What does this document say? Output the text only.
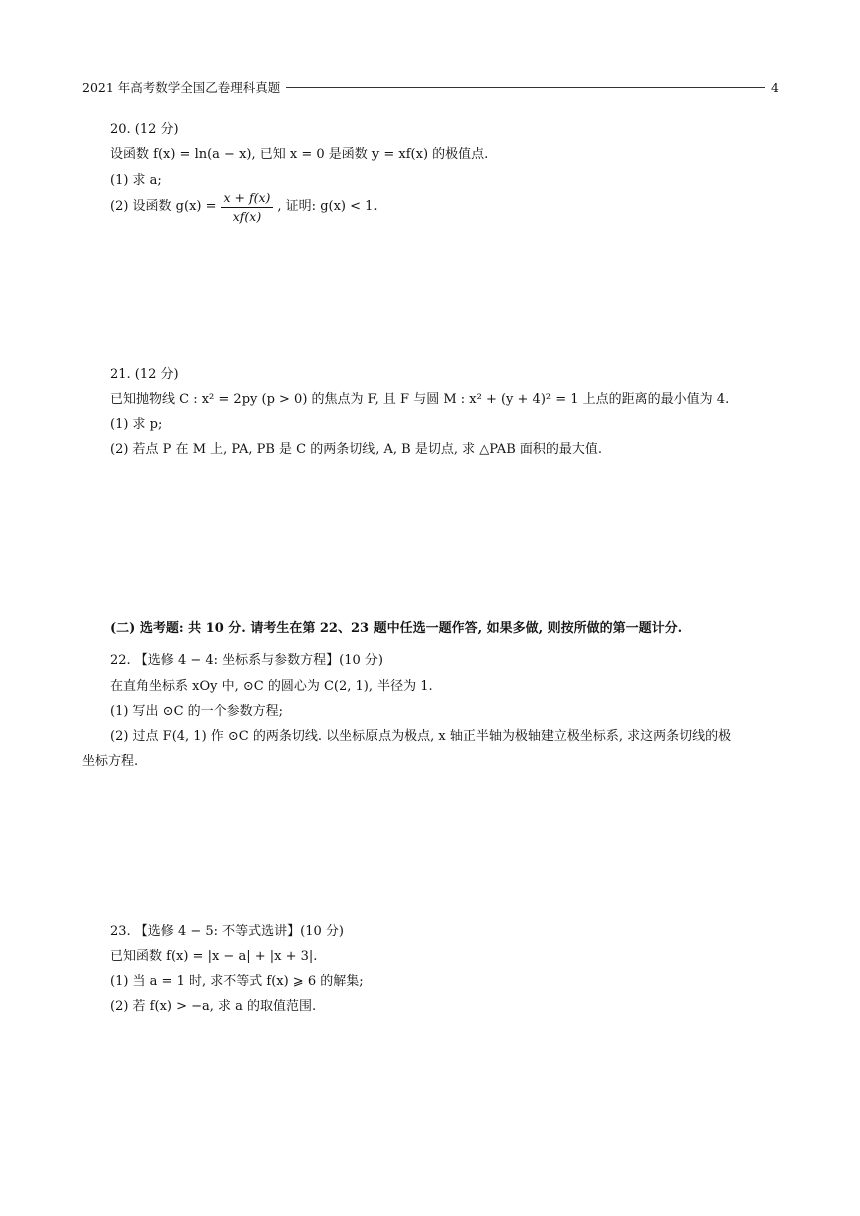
2021 年高考数学全国乙卷理科真题	4
20. (12 分)
设函数 f(x) = ln(a − x), 已知 x = 0 是函数 y = xf(x) 的极值点.
(1) 求 a;
(2) 设函数 $g(x) = \frac{x + f(x)}{xf(x)}$ , 证明: g(x) < 1.
21. (12 分)
已知抛物线 C : x² = 2py (p > 0) 的焦点为 F, 且 F 与圆 M : x² + (y + 4)² = 1 上点的距离的最小值为 4.
(1) 求 p;
(2) 若点 P 在 M 上, PA, PB 是 C 的两条切线, A, B 是切点, 求 △PAB 面积的最大值.
(二) 选考题: 共 10 分. 请考生在第 22、23 题中任选一题作答, 如果多做, 则按所做的第一题计分.
22. 【选修 4 − 4: 坐标系与参数方程】(10 分)
在直角坐标系 xOy 中, ⊙C 的圆心为 C(2, 1), 半径为 1.
(1) 写出 ⊙C 的一个参数方程;
(2) 过点 F(4, 1) 作 ⊙C 的两条切线. 以坐标原点为极点, x 轴正半轴为极轴建立极坐标系, 求这两条切线的极
坐标方程.
23. 【选修 4 − 5: 不等式选讲】(10 分)
已知函数 f(x) = |x − a| + |x + 3|.
(1) 当 a = 1 时, 求不等式 f(x) ⩾ 6 的解集;
(2) 若 f(x) > −a, 求 a 的取值范围.
